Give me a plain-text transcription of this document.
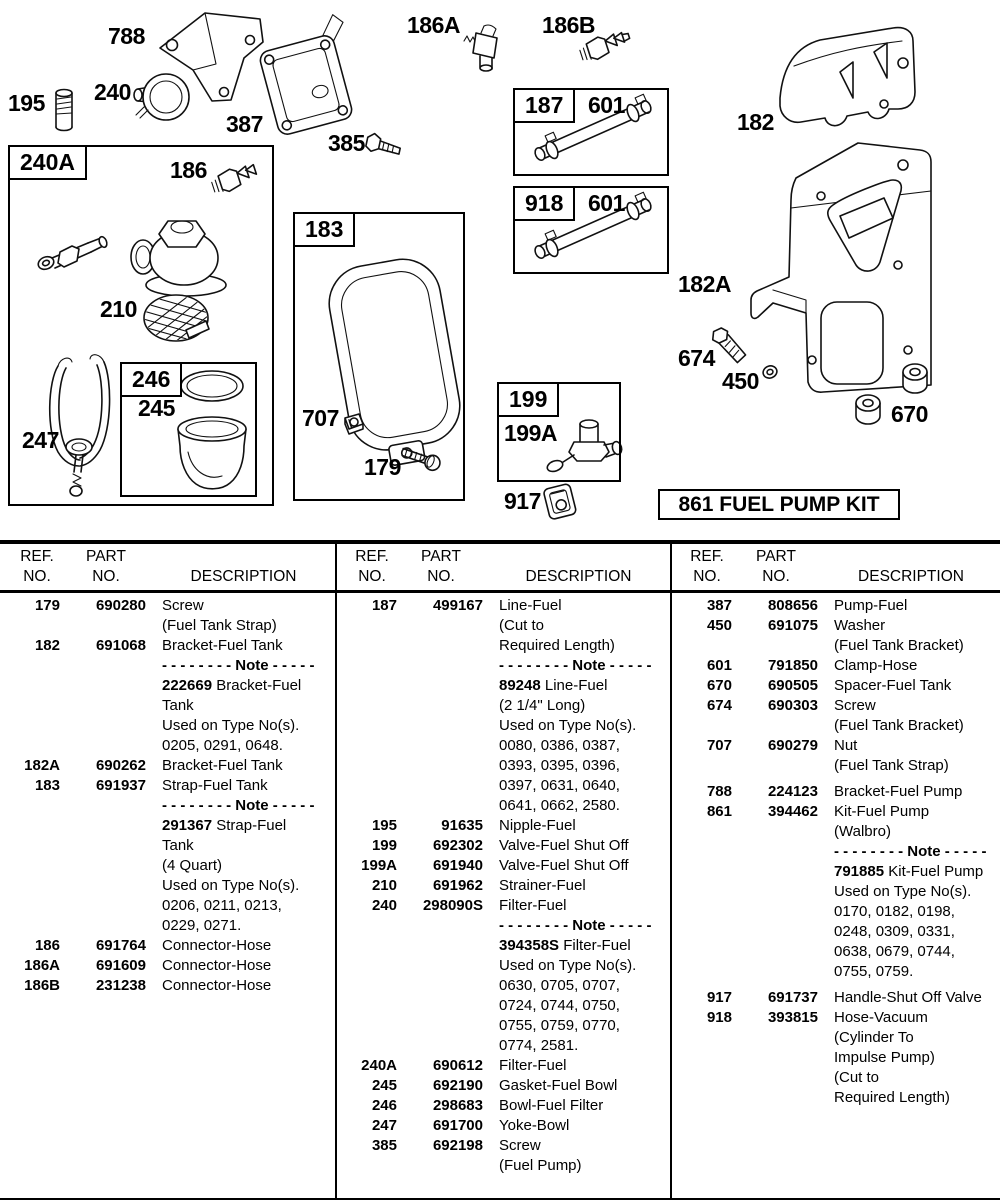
240A
246
183
187
918
199
861 FUEL PUMP KIT
788	186A	186B
195 240
387
385
182
182A
674
450
670
186
210
245
247
707
179
601
601
199A
917
REF.
NO.
PART
NO.	DESCRIPTION
179	690280	Screw
(Fuel Tank Strap)
182	691068	Bracket-Fuel Tank
- - - - - - - - Note - - - - -
222669 Bracket-Fuel
Tank
Used on Type No(s).
0205, 0291, 0648.
182A	690262	Bracket-Fuel Tank
183	691937	Strap-Fuel Tank
- - - - - - - - Note - - - - -
291367 Strap-Fuel
Tank
(4 Quart)
Used on Type No(s).
0206, 0211, 0213,
0229, 0271.
186	691764	Connector-Hose
186A	691609	Connector-Hose
186B	231238	Connector-Hose
REF.
NO.
PART
NO.	DESCRIPTION
187	499167	Line-Fuel
(Cut to
Required Length)
- - - - - - - - Note - - - - -
89248 Line-Fuel
(2 1/4" Long)
Used on Type No(s).
0080, 0386, 0387,
0393, 0395, 0396,
0397, 0631, 0640,
0641, 0662, 2580.
195	91635	Nipple-Fuel
199	692302	Valve-Fuel Shut Off
199A	691940	Valve-Fuel Shut Off
210	691962	Strainer-Fuel
240	298090S	Filter-Fuel
- - - - - - - - Note - - - - -
394358S Filter-Fuel
Used on Type No(s).
0630, 0705, 0707,
0724, 0744, 0750,
0755, 0759, 0770,
0774, 2581.
240A	690612	Filter-Fuel
245	692190	Gasket-Fuel Bowl
246	298683	Bowl-Fuel Filter
247	691700	Yoke-Bowl
385	692198	Screw
(Fuel Pump)
REF.
NO.
PART
NO.	DESCRIPTION
387	808656	Pump-Fuel
450	691075	Washer
(Fuel Tank Bracket)
601	791850	Clamp-Hose
670	690505	Spacer-Fuel Tank
674	690303	Screw
(Fuel Tank Bracket)
707	690279	Nut
(Fuel Tank Strap)
788	224123	Bracket-Fuel Pump
861	394462	Kit-Fuel Pump
(Walbro)
- - - - - - - - Note - - - - -
791885 Kit-Fuel Pump
Used on Type No(s).
0170, 0182, 0198,
0248, 0309, 0331,
0638, 0679, 0744,
0755, 0759.
917	691737	Handle-Shut Off Valve
918	393815	Hose-Vacuum
(Cylinder To
Impulse Pump)
(Cut to
Required Length)
